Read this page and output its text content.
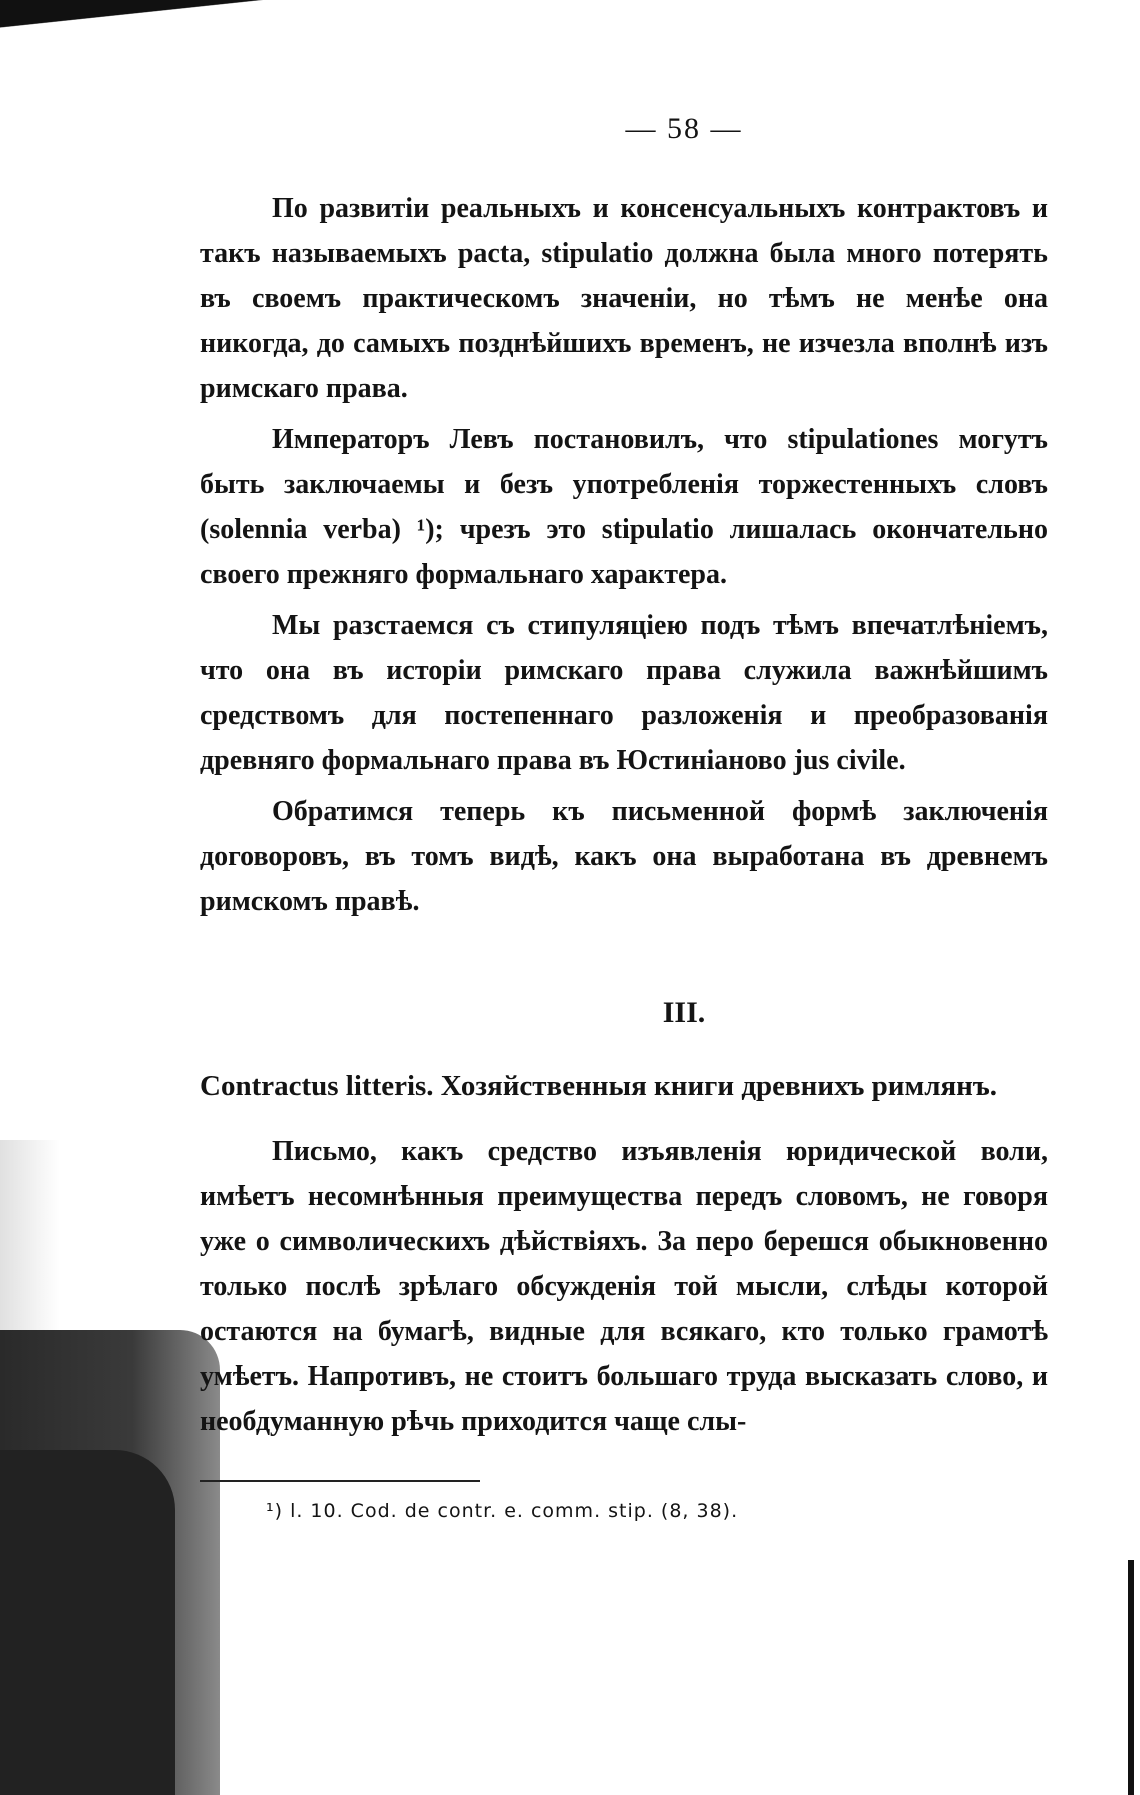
— 58 —

По развитіи реальныхъ и консенсуальныхъ контрактовъ и такъ называемыхъ pacta, stipulatio должна была много потерять въ своемъ практическомъ значеніи, но тѣмъ не менѣе она никогда, до самыхъ позднѣйшихъ временъ, не изчезла вполнѣ изъ римскаго права.

Императоръ Левъ постановилъ, что stipulationes могутъ быть заключаемы и безъ употребленія торжестенныхъ словъ (solennia verba) ¹); чрезъ это stipulatio лишалась окончательно своего прежняго формальнаго характера.

Мы разстаемся съ стипуляціею подъ тѣмъ впечатлѣніемъ, что она въ исторіи римскаго права служила важнѣйшимъ средствомъ для постепеннаго разложенія и преобразованія древняго формальнаго права въ Юстиніаново jus civile.

Обратимся теперь къ письменной формѣ заключенія договоровъ, въ томъ видѣ, какъ она выработана въ древнемъ римскомъ правѣ.

III.
Contractus litteris. Хозяйственныя книги древнихъ римлянъ.

Письмо, какъ средство изъявленія юридической воли, имѣетъ несомнѣнныя преимущества передъ словомъ, не говоря уже о символическихъ дѣйствіяхъ. За перо берешся обыкновенно только послѣ зрѣлаго обсужденія той мысли, слѣды которой остаются на бумагѣ, видные для всякаго, кто только грамотѣ умѣетъ. Напротивъ, не стоитъ большаго труда высказать слово, и необдуманную рѣчь приходится чаще слы-

¹) l. 10. Cod. de contr. e. comm. stip. (8, 38).
